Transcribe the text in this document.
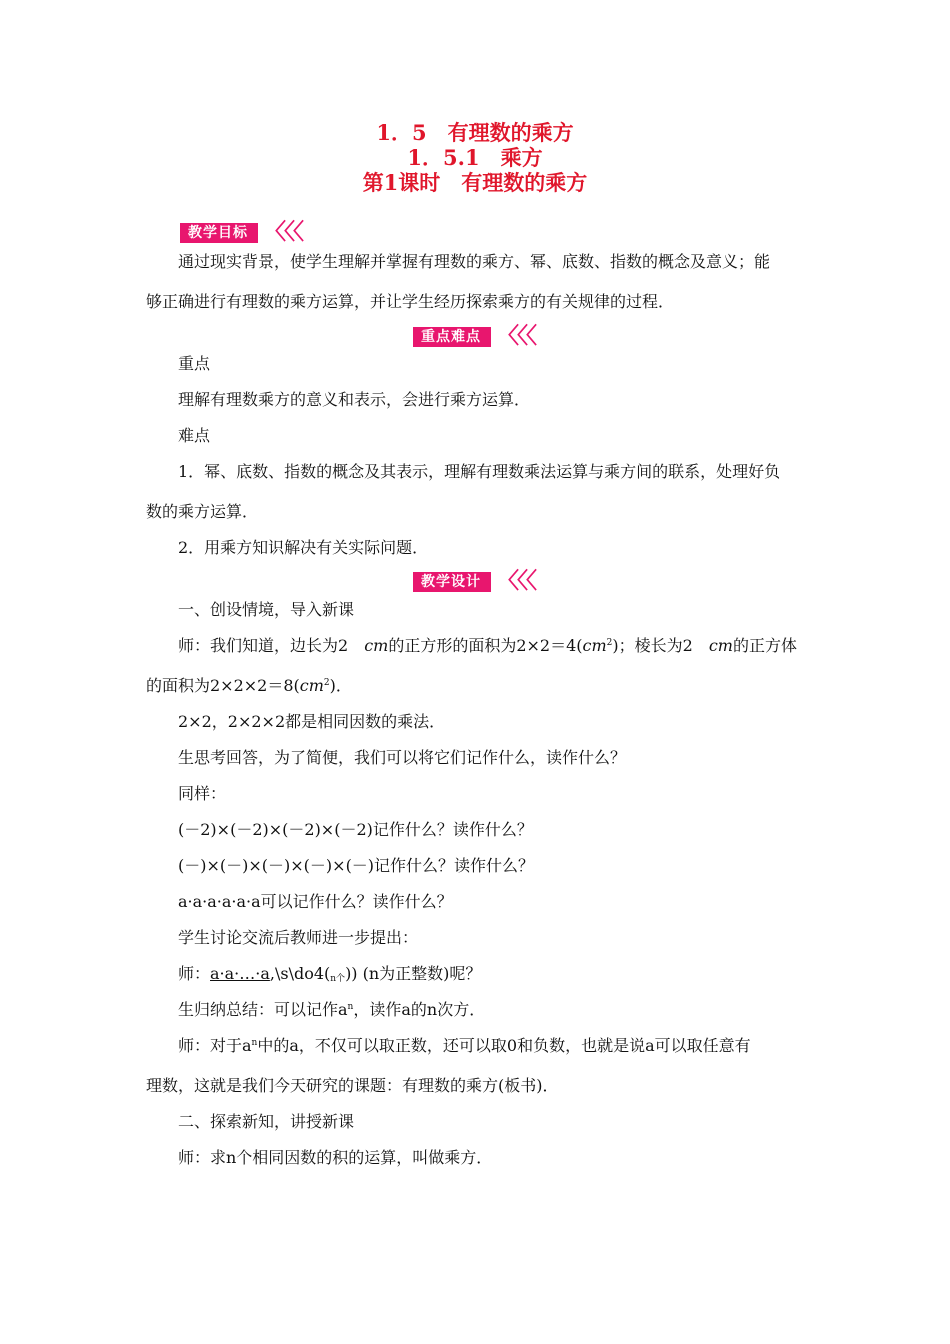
1．5　有理数的乘方
1．5.1　乘方
第1课时　有理数的乘方
教学目标 〈〈〈
通过现实背景，使学生理解并掌握有理数的乘方、幂、底数、指数的概念及意义；能
够正确进行有理数的乘方运算，并让学生经历探索乘方的有关规律的过程．
重点难点 〈〈〈
重点
理解有理数乘方的意义和表示，会进行乘方运算．
难点
1．幂、底数、指数的概念及其表示，理解有理数乘法运算与乘方间的联系，处理好负
数的乘方运算．
2．用乘方知识解决有关实际问题．
教学设计 〈〈〈
一、创设情境，导入新课
师：我们知道，边长为2　cm的正方形的面积为$2\times 2=4(cm^2)$；棱长为2　cm的正方体
的面积为$2\times 2\times 2=8(cm^2)$．
2×2，2×2×2都是相同因数的乘法．
生思考回答，为了简便，我们可以将它们记作什么，读作什么？
同样：
(－2)×(－2)×(－2)×(－2)记作什么？读作什么？
(－)×(－)×(－)×(－)×(－)记作什么？读作什么？
a·a·a·a·a·a可以记作什么？读作什么？
学生讨论交流后教师进一步提出：
师：$a\cdot a\cdot\dots\cdot a,\backslash s\backslash do4(_{n个})$) (n为正整数)呢？
生归纳总结：可以记作$a^n$，读作a的n次方．
师：对于$a^n$中的a，不仅可以取正数，还可以取0和负数，也就是说a可以取任意有
理数，这就是我们今天研究的课题：有理数的乘方(板书)．
二、探索新知，讲授新课
师：求n个相同因数的积的运算，叫做乘方．
